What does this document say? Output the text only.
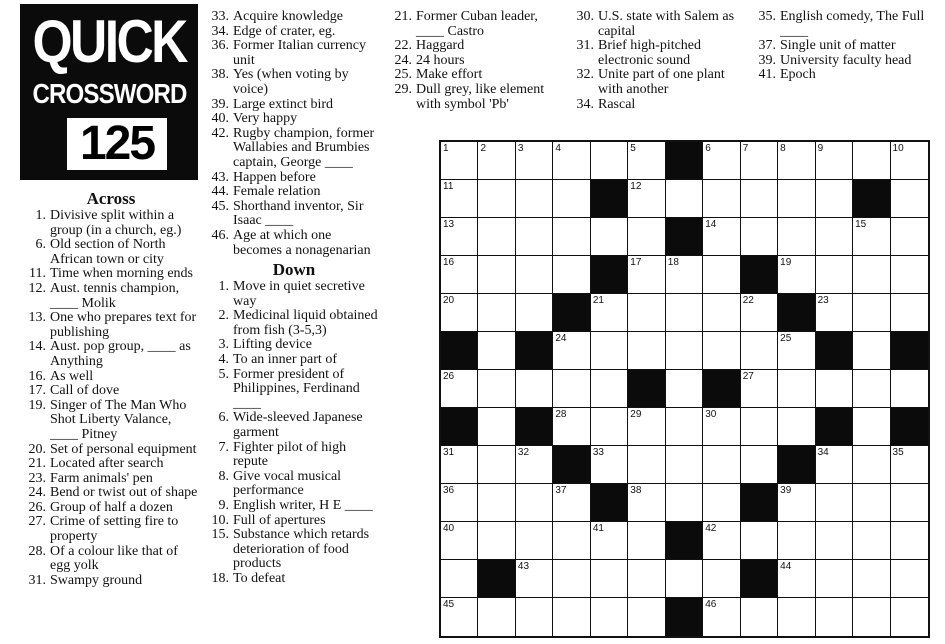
QUICK
CROSSWORD
125
Across
1. Divisive split within a group (in a church, eg.)
6. Old section of North African town or city
11. Time when morning ends
12. Aust. tennis champion, ____ Molik
13. One who prepares text for publishing
14. Aust. pop group, ____ as Anything
16. As well
17. Call of dove
19. Singer of The Man Who Shot Liberty Valance, ____ Pitney
20. Set of personal equipment
21. Located after search
23. Farm animals' pen
24. Bend or twist out of shape
26. Group of half a dozen
27. Crime of setting fire to property
28. Of a colour like that of egg yolk
31. Swampy ground
33. Acquire knowledge
34. Edge of crater, eg.
36. Former Italian currency unit
38. Yes (when voting by voice)
39. Large extinct bird
40. Very happy
42. Rugby champion, former Wallabies and Brumbies captain, George ____
43. Happen before
44. Female relation
45. Shorthand inventor, Sir Isaac ____
46. Age at which one becomes a nonagenarian
Down
1. Move in quiet secretive way
2. Medicinal liquid obtained from fish (3-5,3)
3. Lifting device
4. To an inner part of
5. Former president of Philippines, Ferdinand ____
6. Wide-sleeved Japanese garment
7. Fighter pilot of high repute
8. Give vocal musical performance
9. English writer, H E ____
10. Full of apertures
15. Substance which retards deterioration of food products
18. To defeat
21. Former Cuban leader, ____ Castro
22. Haggard
24. 24 hours
25. Make effort
29. Dull grey, like element with symbol 'Pb'
30. U.S. state with Salem as capital
31. Brief high-pitched electronic sound
32. Unite part of one plant with another
34. Rascal
35. English comedy, The Full ____
37. Single unit of matter
39. University faculty head
41. Epoch
1	2	3	4	5	6	7	8	9	10
11	12
13	14	15
16	17	18	19
20	21	22	23
24	25
26	27
28	29	30
31	32	33	34	35
36	37	38	39
40	41	42
43	44
45	46
